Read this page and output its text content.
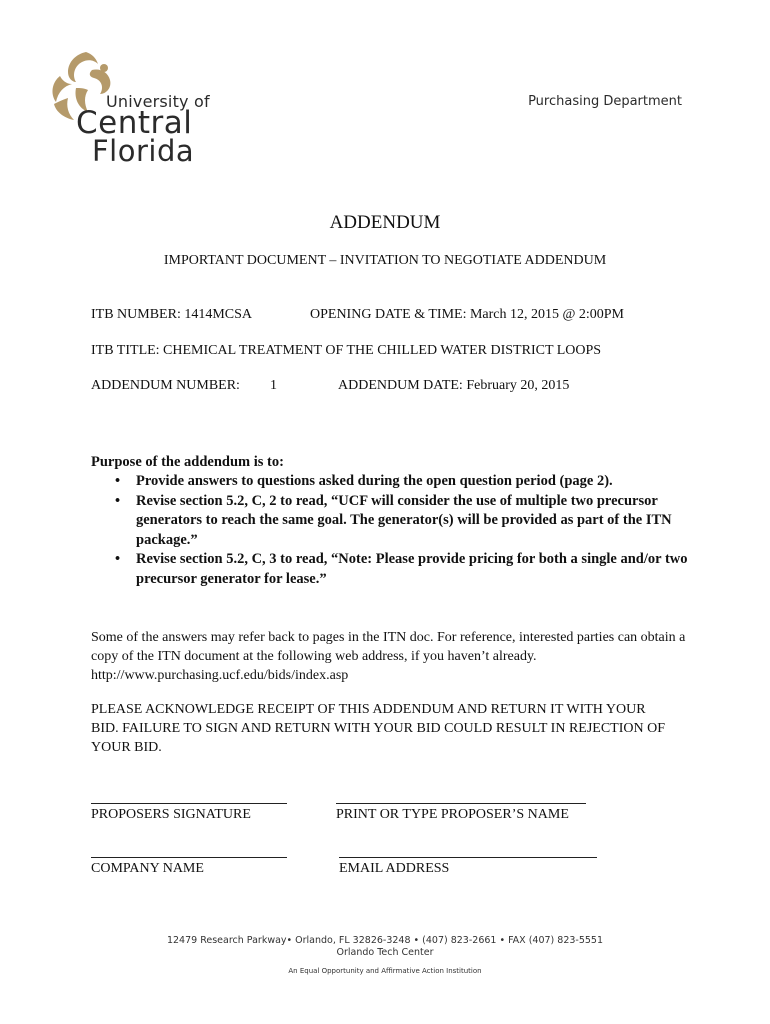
University of
Central
Florida
Purchasing Department
ADDENDUM
IMPORTANT DOCUMENT – INVITATION TO NEGOTIATE ADDENDUM
ITB NUMBER: 1414MCSA	OPENING DATE & TIME: March 12, 2015 @ 2:00PM
ITB TITLE: CHEMICAL TREATMENT OF THE CHILLED WATER DISTRICT LOOPS
ADDENDUM NUMBER: 1	ADDENDUM DATE: February 20, 2015
Purpose of the addendum is to:
• Provide answers to questions asked during the open question period (page 2).
• Revise section 5.2, C, 2 to read, “UCF will consider the use of multiple two precursor generators to reach the same goal. The generator(s) will be provided as part of the ITN package.”
• Revise section 5.2, C, 3 to read, “Note: Please provide pricing for both a single and/or two precursor generator for lease.”
Some of the answers may refer back to pages in the ITN doc. For reference, interested parties can obtain a copy of the ITN document at the following web address, if you haven’t already.
http://www.purchasing.ucf.edu/bids/index.asp
PLEASE ACKNOWLEDGE RECEIPT OF THIS ADDENDUM AND RETURN IT WITH YOUR BID. FAILURE TO SIGN AND RETURN WITH YOUR BID COULD RESULT IN REJECTION OF YOUR BID.
PROPOSERS SIGNATURE	PRINT OR TYPE PROPOSER’S NAME
COMPANY NAME	EMAIL ADDRESS
12479 Research Parkway• Orlando, FL 32826-3248 • (407) 823-2661 • FAX (407) 823-5551
Orlando Tech Center
An Equal Opportunity and Affirmative Action Institution
